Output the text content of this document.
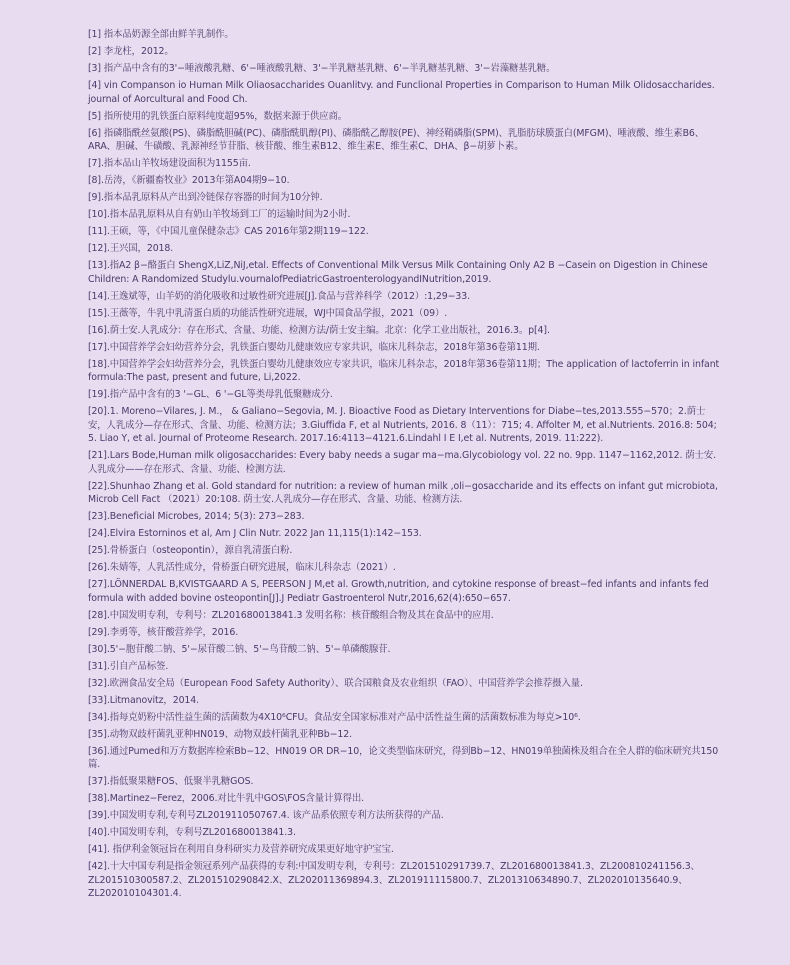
[1] 指本品奶源全部由鲜羊乳制作。
[2] 李龙柱，2012。
[3] 指产品中含有的3'−唾液酸乳糖、6'−唾液酸乳糖、3'−半乳糖基乳糖、6'−半乳糖基乳糖、3'−岩藻糖基乳糖。
[4] vin Companson io Human Milk Oliaosaccharides Ouanlitvy. and Funclional Properties in Comparison to Human Milk Olidosaccharides. journal of Aorcultural and Food Ch.
[5] 指所使用的乳铁蛋白原料纯度超95%，数据来源于供应商。
[6] 指磷脂酰丝氨酸(PS)、磷脂酰胆碱(PC)、磷脂酰肌醇(PI)、磷脂酰乙醇胺(PE)、神经鞘磷脂(SPM)、乳脂肪球膜蛋白(MFGM)、唾液酸、维生素B6、ARA、胆碱、牛磺酸、乳源神经节苷脂、核苷酸、维生素B12、维生素E、维生素C、DHA、β−胡萝卜素。
[7].指本品山羊牧场建设面积为1155亩.
[8].岳涛，《新疆畜牧业》2013年第A04期9−10.
[9].指本品乳原料从产出到冷链保存容器的时间为10分钟.
[10].指本品乳原料从自有奶山羊牧场到工厂的运输时间为2小时.
[11].王硕，等，《中国儿童保健杂志》CAS 2016年第2期119−122.
[12].王兴国，2018.
[13].指A2 β−酪蛋白 ShengX,LiZ,NiJ,etal. Effects of Conventional Milk Versus Milk Containing Only A2 B −Casein on Digestion in Chinese Children: A Randomized Studylu.vournalofPediatricGastroenterologyandINutrition,2019.
[14].王逸斌等，山羊奶的消化吸收和过敏性研究进展[J].食品与营养科学（2012）:1,29−33.
[15].王薇等，牛乳中乳清蛋白质的功能活性研究进展，WJ中国食品学报，2021（09）.
[16].荫士安.人乳成分：存在形式、含量、功能、检测方法/荫士安主编。北京：化学工业出版社，2016.3。p[4].
[17].中国营养学会妇幼营养分会，乳铁蛋白婴幼儿健康效应专家共识，临床儿科杂志，2018年第36卷第11期.
[18].中国营养学会妇幼营养分会，乳铁蛋白婴幼儿健康效应专家共识，临床儿科杂志，2018年第36卷第11期；The application of lactoferrin in infant formula:The past, present and future, Li,2022.
[19].指产品中含有的3 '−GL、6 '−GL等类母乳低聚糖成分.
[20].1. Moreno−Vilares, J. M.， & Galiano−Segovia, M. J. Bioactive Food as Dietary Interventions for Diabe−tes,2013.555−570；2.荫士安，人乳成分—存在形式、含量、功能、检测方法；3.Giuffida F, et al Nutrients, 2016. 8（11）：715; 4. Affolter M, et al.Nutrients. 2016.8: 504; 5. Liao Y, et al. Journal of Proteome Research. 2017.16:4113−4121.6.Lindahl I E I,et al. Nutrents, 2019. 11:222).
[21].Lars Bode,Human milk oligosaccharides: Every baby needs a sugar ma−ma.Glycobiology vol. 22 no. 9pp. 1147−1162,2012. 荫士安.人乳成分——存在形式、含量、功能、检测方法.
[22].Shunhao Zhang et al. Gold standard for nutrition: a review of human milk ,oli−gosaccharide and its effects on infant gut microbiota, Microb Cell Fact （2021）20:108. 荫士安.人乳成分—存在形式、含量、功能、检测方法.
[23].Beneficial Microbes, 2014; 5(3): 273−283.
[24].Elvira Estorninos et al, Am J Clin Nutr. 2022 Jan 11,115(1):142−153.
[25].骨桥蛋白（osteopontin），源自乳清蛋白粉.
[26].朱婧等，人乳活性成分，骨桥蛋白研究进展，临床儿科杂志（2021）.
[27].LÖNNERDAL B,KVISTGAARD A S, PEERSON J M,et al. Growth,nutrition, and cytokine response of breast−fed infants and infants fed formula with added bovine osteopontin[J].J Pediatr Gastroenterol Nutr,2016,62(4):650−657.
[28].中国发明专利，专利号：ZL201680013841.3 发明名称：核苷酸组合物及其在食品中的应用.
[29].李勇等，核苷酸营养学，2016.
[30].5'−胞苷酸二钠、5'−尿苷酸二钠、5'−鸟苷酸二钠、5'−单磷酸腺苷.
[31].引自产品标签.
[32].欧洲食品安全局（European Food Safety Authority）、联合国粮食及农业组织（FAO）、中国营养学会推荐摄入量.
[33].Litmanovitz，2014.
[34].指每克奶粉中活性益生菌的活菌数为4X10⁶CFU。食品安全国家标准对产品中活性益生菌的活菌数标准为每克>10⁶.
[35].动物双歧杆菌乳亚种HN019、动物双歧杆菌乳亚种Bb−12.
[36].通过Pumed和万方数据库检索Bb−12、HN019 OR DR−10，论文类型临床研究，得到Bb−12、HN019单独菌株及组合在全人群的临床研究共150篇.
[37].指低聚果糖FOS、低聚半乳糖GOS.
[38].Martinez−Ferez，2006.对比牛乳中GOS\FOS含量计算得出.
[39].中国发明专利,专利号ZL201911050767.4. 该产品系依照专利方法所获得的产品.
[40].中国发明专利，专利号ZL201680013841.3.
[41]. 指伊利金领冠旨在利用自身科研实力及营养研究成果更好地守护宝宝.
[42].十大中国专利是指金领冠系列产品获得的专利:中国发明专利，专利号：ZL201510291739.7、ZL201680013841.3、ZL200810241156.3、ZL201510300587.2、ZL201510290842.X、ZL202011369894.3、ZL201911115800.7、ZL201310634890.7、ZL202010135640.9、ZL202010104301.4.
